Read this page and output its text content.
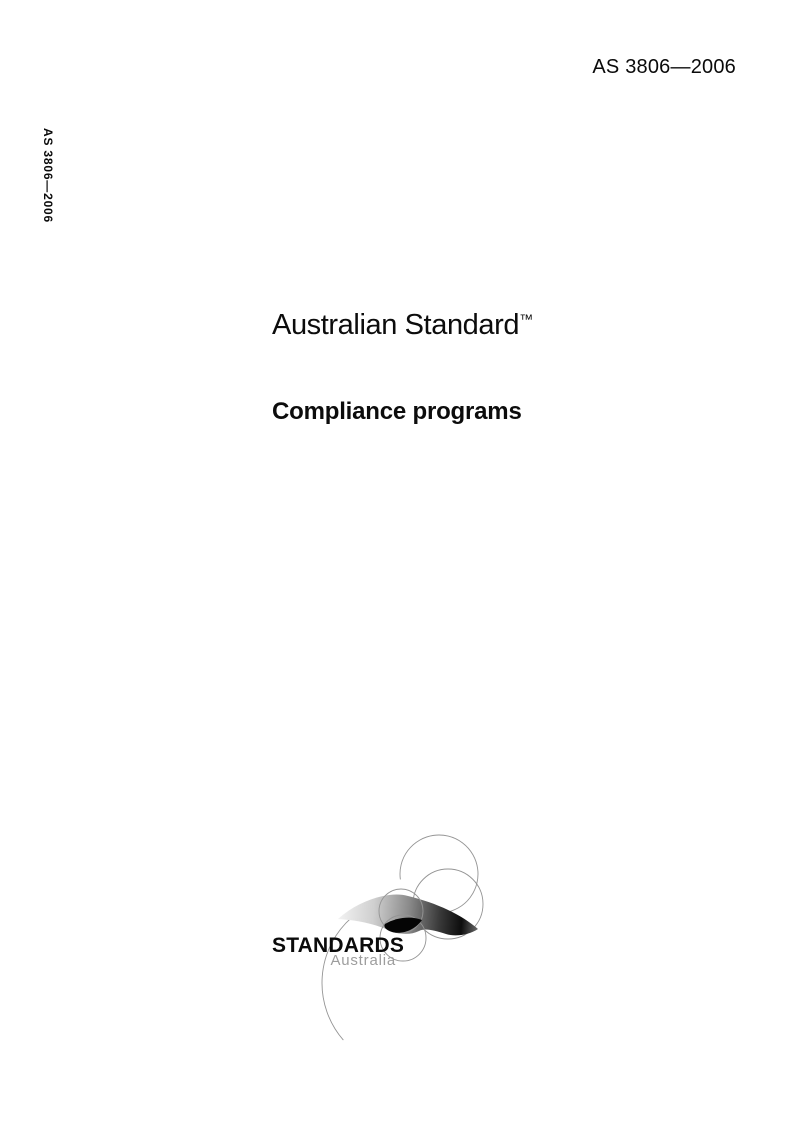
AS 3806—2006
AS 3806—2006
Australian Standard™
Compliance programs
STANDARDS
Australia
